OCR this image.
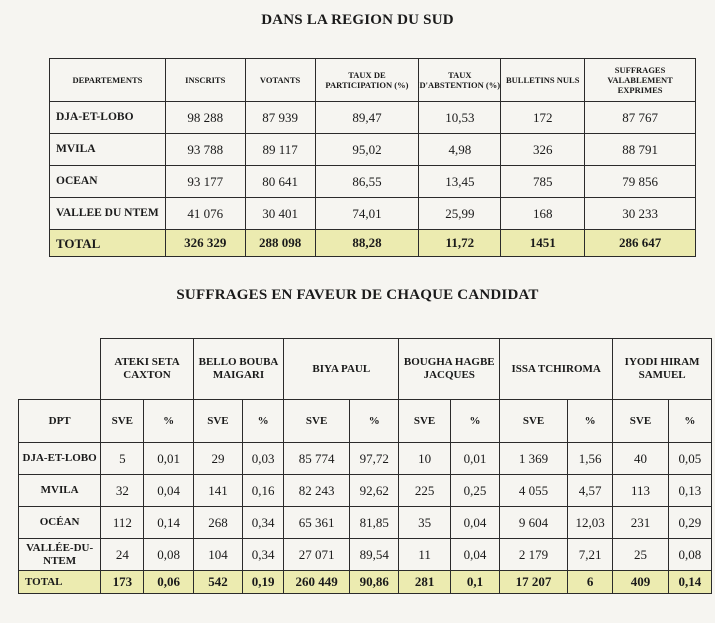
DANS LA REGION DU SUD
DEPARTEMENTS	INSCRITS	VOTANTS	TAUX DE PARTICIPATION (%)	TAUX D'ABSTENTION (%)	BULLETINS NULS	SUFFRAGES VALABLEMENT EXPRIMES
DJA-ET-LOBO	98 288	87 939	89,47	10,53	172	87 767
MVILA	93 788	89 117	95,02	4,98	326	88 791
OCEAN	93 177	80 641	86,55	13,45	785	79 856
VALLEE DU NTEM	41 076	30 401	74,01	25,99	168	30 233
TOTAL	326 329	288 098	88,28	11,72	1451	286 647
SUFFRAGES EN FAVEUR DE CHAQUE CANDIDAT
	ATEKI SETA CAXTON		BELLO BOUBA MAIGARI		BIYA PAUL		BOUGHA HAGBE JACQUES		ISSA TCHIROMA		IYODI HIRAM SAMUEL	
DPT	SVE	%	SVE	%	SVE	%	SVE	%	SVE	%	SVE	%
DJA-ET-LOBO	5	0,01	29	0,03	85 774	97,72	10	0,01	1 369	1,56	40	0,05
MVILA	32	0,04	141	0,16	82 243	92,62	225	0,25	4 055	4,57	113	0,13
OCÉAN	112	0,14	268	0,34	65 361	81,85	35	0,04	9 604	12,03	231	0,29
VALLÉE-DU-NTEM	24	0,08	104	0,34	27 071	89,54	11	0,04	2 179	7,21	25	0,08
TOTAL	173	0,06	542	0,19	260 449	90,86	281	0,1	17 207	6	409	0,14
